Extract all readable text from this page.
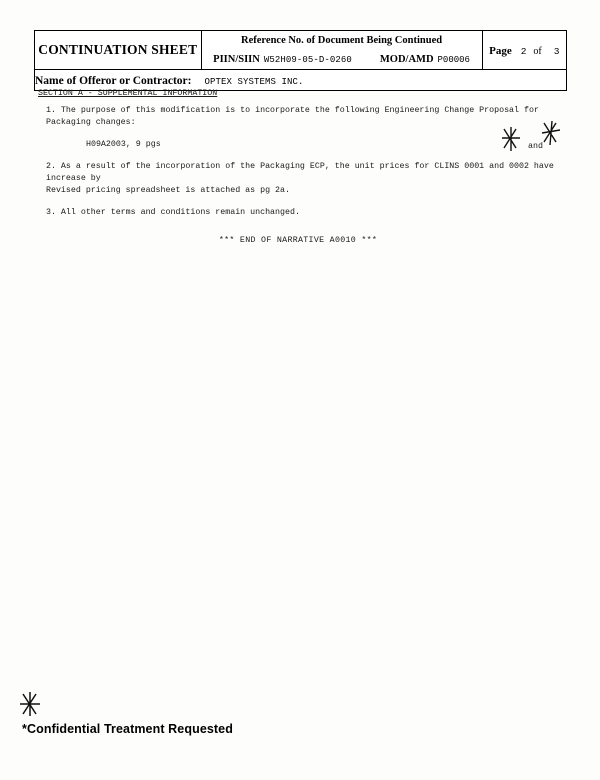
CONTINUATION SHEET	
Reference No. of Document Being Continued
PIIN/SIIN W52H09-05-D-0260	MOD/AMD P00006
	Page 2 of 3
Name of Offeror or Contractor: OPTEX SYSTEMS INC.
SECTION A - SUPPLEMENTAL INFORMATION
1. The purpose of this modification is to incorporate the following Engineering Change Proposal for Packaging changes:
H09A2003, 9 pgs
2. As a result of the incorporation of the Packaging ECP, the unit prices for CLINS 0001 and 0002 have increase by
Revised pricing spreadsheet is attached as pg 2a.
3. All other terms and conditions remain unchanged.
*** END OF NARRATIVE A0010 ***
and
*Confidential Treatment Requested
